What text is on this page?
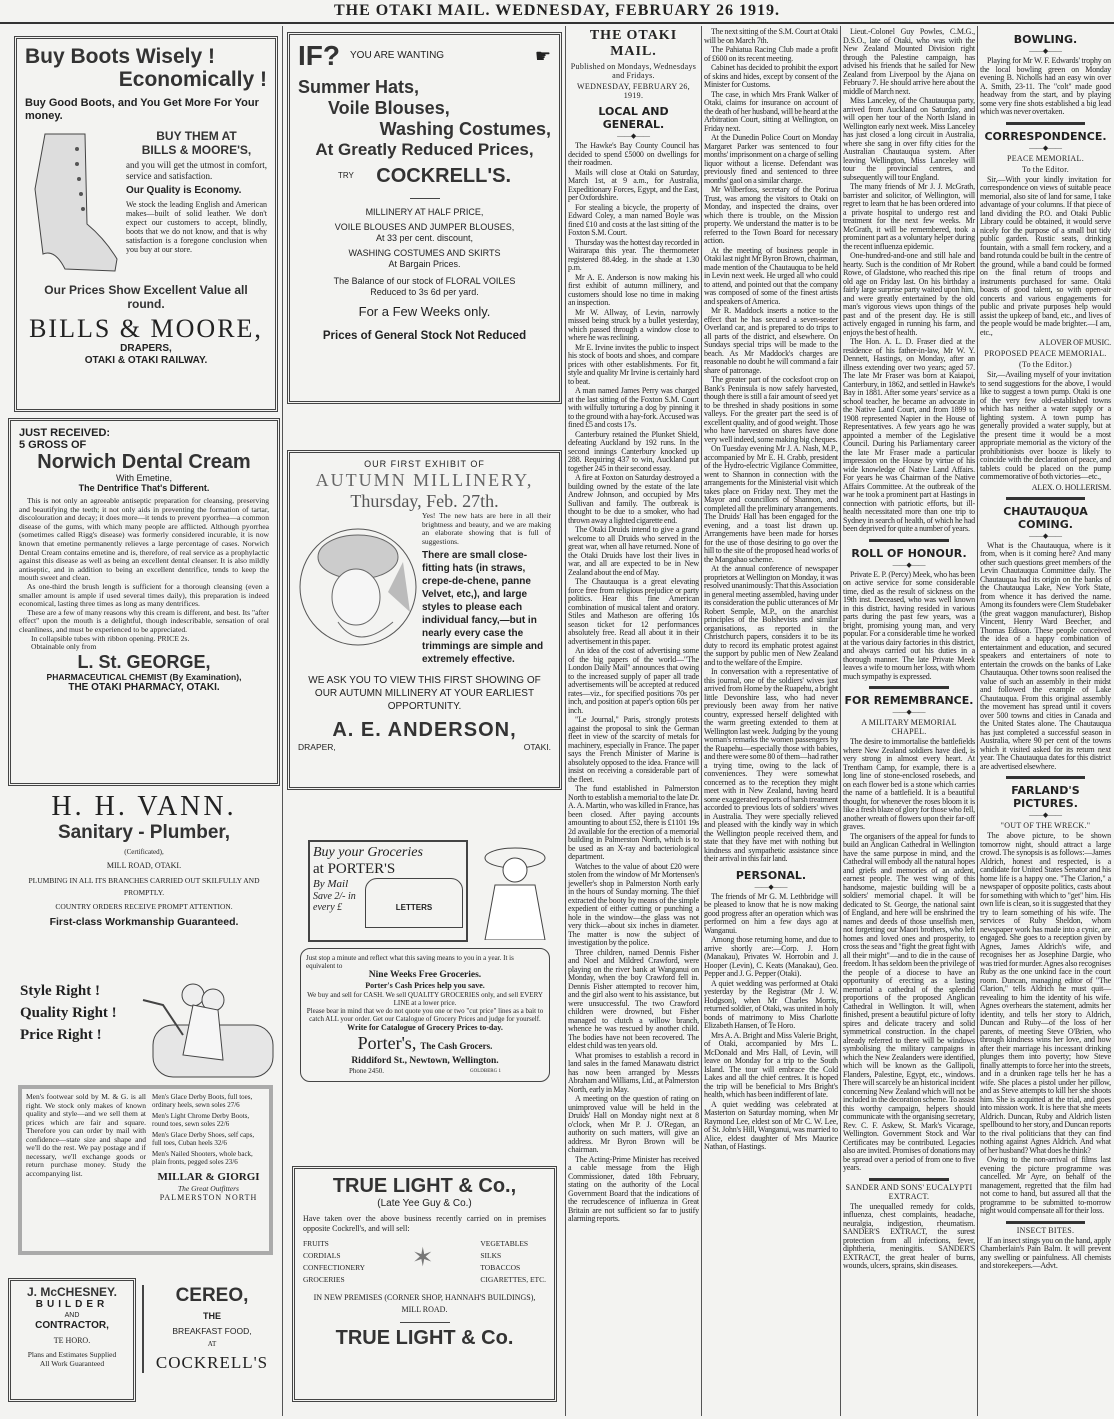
THE OTAKI MAIL. WEDNESDAY, FEBRUARY 26 1919.
Buy Boots Wisely !
Economically !
Buy Good Boots, and You Get More For Your money.
BUY THEM AT
BILLS & MOORE'S,
and you will get the utmost in comfort, service and satisfaction.
Our Quality is Economy.
We stock the leading English and American makes—built of solid leather. We don't expect our customers to accept, blindly, boots that we do not know, and that is why satisfaction is a foregone conclusion when you buy at our store.
Our Prices Show Excellent Value all round.
BILLS & MOORE,
DRAPERS,
OTAKI & OTAKI RAILWAY.
JUST RECEIVED:
5 GROSS OF
Norwich Dental Cream
With Emetine,
The Dentrifice That's Different.
This is not only an agreeable antiseptic preparation for cleansing, preserving and beautifying the teeth; it not only aids in preventing the formation of tartar, discolouration and decay; it does more—it tends to prevent pyorrhea—a common disease of the gums, with which many people are afflicted. Although pyorrhea (sometimes called Rigg's disease) was formerly considered incurable, it is now known that emetine permanently relieves a large percentage of cases. Norwich Dental Cream contains emetine and is, therefore, of real service as a prophylactic against this disease as well as being an excellent dental cleanser. It is also mildly antiseptic, and in addition to being an excellent dentrifice, tends to keep the mouth sweet and clean.
As one-third the brush length is sufficient for a thorough cleansing (even a smaller amount is ample if used several times daily), this preparation is indeed economical, lasting three times as long as many dentrifices.
These are a few of many reasons why this cream is different, and best. Its "after effect" upon the mouth is a delightful, though indescribable, sensation of oral cleanliness, and must be experienced to be appreciated.
In collapsible tubes with ribbon opening. PRICE 2s.
Obtainable only from
L. St. GEORGE,
PHARMACEUTICAL CHEMIST (By Examination),
THE OTAKI PHARMACY, OTAKI.
H. H. VANN.
Sanitary - Plumber,
(Certificated),
MILL ROAD, OTAKI.
PLUMBING IN ALL ITS BRANCHES CARRIED OUT SKILFULLY AND PROMPTLY.
COUNTRY ORDERS RECEIVE PROMPT ATTENTION.
First-class Workmanship Guaranteed.
Style Right !
Quality Right !
Price Right !
Men's footwear sold by M. & G. is all right. We stock only makes of known quality and style—and we sell them at prices which are fair and square. Therefore you can order by mail with confidence—state size and shape and we'll do the rest. We pay postage and if necessary, we'll exchange goods or return purchase money. Study the accompanying list.
Men's Glace Derby Boots, full toes, ordinary heels, sewn soles 27/6
Men's Light Chrome Derby Boots, round toes, sewn soles 22/6
Men's Glace Derby Shoes, self caps, full toes, Cuban heels 32/6
Men's Nailed Shooters, whole back, plain fronts, pegged soles 23/6
MILLAR & GIORGI
The Great Outfitters
PALMERSTON NORTH
J. McCHESNEY.
BUILDER
AND
CONTRACTOR,
TE HORO.
Plans and Estimates Supplied
All Work Guaranteed
CEREO,
THE
BREAKFAST FOOD,
AT
COCKRELL'S
IF? YOU ARE WANTING	☛
Summer Hats,
Voile Blouses,
Washing Costumes,
At Greatly Reduced Prices,
$^{TRY}$ COCKRELL'S.
MILLINERY AT HALF PRICE,
VOILE BLOUSES AND JUMPER BLOUSES,
At 33 per cent. discount,
WASHING COSTUMES AND SKIRTS
At Bargain Prices.
The Balance of our stock of FLORAL VOILES
Reduced to 3s 6d per yard.
For a Few Weeks only.
Prices of General Stock Not Reduced
OUR FIRST EXHIBIT OF
AUTUMN MILLINERY,
Thursday, Feb. 27th.
Yes! The new hats are here in all their brightness and beauty, and we are making an elaborate showing that is full of suggestions.
There are small close-fitting hats (in straws, crepe-de-chene, panne Velvet, etc,), and large styles to please each individual fancy,—but in nearly every case the trimmings are simple and extremely effective.
WE ASK YOU TO VIEW THIS FIRST SHOWING OF OUR AUTUMN MILLINERY AT YOUR EARLIEST OPPORTUNITY.
A. E. ANDERSON,
DRAPER,	OTAKI.
Buy your Groceries
at PORTER'S
By Mail
Save 2/- in every £	LETTERS
Just stop a minute and reflect what this saving means to you in a year. It is equivalent to
Nine Weeks Free Groceries.
Porter's Cash Prices help you save.
We buy and sell for CASH. We sell QUALITY GROCERIES only, and sell EVERY LINE at a lower price.
Please bear in mind that we do not quote you one or two "cut price" lines as a bait to catch ALL your order. Get our Catalogue of Grocery Prices and judge for yourself.
Write for Catalogue of Grocery Prices to-day.
Porter's, The Cash Grocers.
Riddiford St., Newtown, Wellington.
Phone 2450.	GOLDBERG 1
TRUE LIGHT & Co.,
(Late Yee Guy & Co.)
Have taken over the above business recently carried on in premises opposite Cockrell's, and will sell:
FRUITS
CORDIALS
CONFECTIONERY
GROCERIES
✶	VEGETABLES
SILKS
TOBACCOS
CIGARETTES, ETC.
IN NEW PREMISES (CORNER SHOP, HANNAH'S BUILDINGS), MILL ROAD.
TRUE LIGHT & Co.
THE OTAKI MAIL.
Published on Mondays, Wednesdays and Fridays.
WEDNESDAY, FEBRUARY 26, 1919.
LOCAL AND GENERAL.
——◆——

The Hawke's Bay County Council has decided to spend £5000 on dwellings for their roadmen.

Mails will close at Otaki on Saturday, March 1st, at 9 a.m., for Australia, Expeditionary Forces, Egypt, and the East, per Oxfordshire.

For stealing a bicycle, the property of Edward Coley, a man named Boyle was fined £10 and costs at the last sitting of the Foxton S.M. Court.

Thursday was the hottest day recorded in Wairarapa this year. The thermometer registered 88.4deg. in the shade at 1.30 p.m.

Mr A. E. Anderson is now making his first exhibit of autumn millinery, and customers should lose no time in making an inspection.

Mr W. Allway, of Levin, narrowly missed being struck by a bullet yesterday, which passed through a window close to where he was reclining.

Mr E. Irvine invites the public to inspect his stock of boots and shoes, and compare prices with other establishments. For fit, style and quality Mr Irvine is certainly hard to beat.

A man named James Perry was charged at the last sitting of the Foxton S.M. Court with wilfully torturing a dog by pinning it to the ground with a hay-fork. Accused was fined £5 and costs 17s.

Canterbury retained the Plunket Shield, defeating Auckland by 192 runs. In the second innings Canterbury knocked up 288. Requiring 437 to win, Auckland put together 245 in their second essay.

A fire at Foxton on Saturday destroyed a building owned by the estate of the late Andrew Johnson, and occupied by Mrs Sullivan and family. The outbreak is thought to be due to a smoker, who had thrown away a lighted cigarette end.

The Otaki Druids intend to give a grand welcome to all Druids who served in the great war, when all have returned. None of the Otaki Druids have lost their lives in war, and all are expected to be in New Zealand about the end of May.

The Chautauqua is a great elevating force free from religious prejudice or party politics. Hear this fine American combination of musical talent and oratory. Stiles and Matheson are offering 10s season ticket for 12 performances absolutely free. Read all about it in their advertisement in this paper.

An idea of the cost of advertising some of the big papers of the world—"The London Daily Mail" announces that owing to the increased supply of paper all trade advertisements will be accepted at reduced rates—viz., for specified positions 70s per inch, and position at paper's option 60s per inch.

"Le Journal," Paris, strongly protests against the proposal to sink the German fleet in view of the scarcity of metals for machinery, especially in France. The paper says the French Minister of Marine is absolutely opposed to the idea. France will insist on receiving a considerable part of the fleet.

The fund established in Palmerston North to establish a memorial to the late Dr. A. A. Martin, who was killed in France, has been closed. After paying accounts amounting to about £52, there is £1101 19s 2d available for the erection of a memorial building in Palmerston North, which is to be used as an X-ray and bacteriological department.

Watches to the value of about £20 were stolen from the window of Mr Mortensen's jeweller's shop in Palmerston North early in the hours of Sunday morning. The thief extracted the booty by means of the simple expedient of either cutting or punching a hole in the window—the glass was not very thick—about six inches in diameter. The matter is now the subject of investigation by the police.

Three children, named Dennis Fisher and Noel and Mildred Crawford, were playing on the river bank at Wanganui on Monday, when the boy Crawford fell in. Dennis Fisher attempted to recover him, and the girl also went to his assistance, but were unsuccessful. The two Crawford children were drowned, but Fisher managed to clutch a willow branch, whence he was rescued by another child. The bodies have not been recovered. The eldest child was ten years old.

What promises to establish a record in land sales in the famed Manawatu district has now been arranged by Messrs Abraham and Williams, Ltd., at Palmerston North, early in May.

A meeting on the question of rating on unimproved value will be held in the Druids' Hall on Monday night next at 8 o'clock, when Mr P. J. O'Regan, an authority on such matters, will give an address. Mr Byron Brown will be chairman.

The Acting-Prime Minister has received a cable message from the High Commissioner, dated 18th February, stating on the authority of the Local Government Board that the indications of the recrudescence of influenza in Great Britain are not sufficient so far to justify alarming reports.

The next sitting of the S.M. Court at Otaki will be on March 7th.

The Pahiatua Racing Club made a profit of £600 on its recent meeting.

Cabinet has decided to prohibit the export of skins and hides, except by consent of the Minister for Customs.

The case, in which Mrs Frank Walker of Otaki, claims for insurance on account of the death of her husband, will be heard at the Arbitration Court, sitting at Wellington, on Friday next.

At the Dunedin Police Court on Monday Margaret Parker was sentenced to four months' imprisonment on a charge of selling liquor without a license. Defendant was previously fined and sentenced to three months' gaol on a similar charge.

Mr Wilberfoss, secretary of the Porirua Trust, was among the visitors to Otaki on Monday, and inspected the drains, over which there is trouble, on the Mission property. We understand the matter is to be referred to the Town Board for necessary action.

At the meeting of business people in Otaki last night Mr Byron Brown, chairman, made mention of the Chautauqua to be held in Levin next week. He urged all who could to attend, and pointed out that the company was composed of some of the finest artists and speakers of America.

Mr R. Maddock inserts a notice to the effect that he has secured a seven-seater Overland car, and is prepared to do trips to all parts of the district, and elsewhere. On Sundays special trips will be made to the beach. As Mr Maddock's charges are reasonable no doubt he will command a fair share of patronage.

The greater part of the cocksfoot crop on Bank's Peninsula is now safely harvested, though there is still a fair amount of seed yet to be threshed in shady positions in some valleys. For the greater part the seed is of excellent quality, and of good weight. Those who have harvested on shares have done very well indeed, some making big cheques.

On Tuesday evening Mr J. A. Nash, M.P., accompanied by Mr E. H. Crabb, president of the Hydro-electric Vigilance Committee, went to Shannon in connection with the arrangements for the Ministerial visit which takes place on Friday next. They met the Mayor and councillors of Shannon, and completed all the preliminary arrangements. The Druids' Hall has been engaged for the evening, and a toast list drawn up. Arrangements have been made for horses for the use of those desiring to go over the hill to the site of the proposed head works of the Mangahao scheme.

At the annual conference of newspaper proprietors at Wellington on Monday, it was resolved unanimously: That this Association in general meeting assembled, having under its consideration the public utterances of Mr Robert Semple, M.P., on the anarchist principles of the Bolshevists and similar organisations, as reported in the Christchurch papers, considers it to be its duty to record its emphatic protest against the support by public men of New Zealand and to the welfare of the Empire.

In conversation with a representative of this journal, one of the soldiers' wives just arrived from Home by the Ruapehu, a bright little Devonshire lass, who had never previously been away from her native country, expressed herself delighted with the warm greeting extended to them at Wellington last week. Judging by the young woman's remarks the women passengers by the Ruapehu—especially those with babies, and there were some 80 of them—had rather a trying time, owing to the lack of conveniences. They were somewhat concerned as to the reception they might meet with in New Zealand, having heard some exaggerated reports of harsh treatment accorded to previous lots of soldiers' wives in Australia. They were specially relieved and pleased with the kindly way in which the Wellington people received them, and state that they have met with nothing but kindness and sympathetic assistance since their arrival in this fair land.

PERSONAL.
——◆——

The friends of Mr G. M. Lethbridge will be pleased to know that he is now making good progress after an operation which was performed on him a few days ago at Wanganui.

Among those returning home, and due to arrive shortly are:—Corp. J. Horn (Manakau), Privates W. Horrobin and J. Hooper (Levin), C. Keats (Manakau), Geo. Pepper and J. G. Pepper (Otaki).

A quiet wedding was performed at Otaki yesterday by the Registrar (Mr J. W. Hodgson), when Mr Charles Morris, returned soldier, of Otaki, was united in holy bonds of matrimony to Miss Charlotte Elizabeth Hansen, of Te Horo.

Mrs A. A. Bright and Miss Valerie Bright, of Otaki, accompanied by Mrs L. McDonald and Mrs Hall, of Levin, will leave on Monday for a trip to the South Island. The tour will embrace the Cold Lakes and all the chief centres. It is hoped the trip will be beneficial to Mrs Bright's health, which has been indifferent of late.

A quiet wedding was celebrated at Masterton on Saturday morning, when Mr Raymond Lee, eldest son of Mr C. W. Lee, of St. John's Hill, Wanganui, was married to Alice, eldest daughter of Mrs Maurice Nathan, of Hastings.

Lieut.-Colonel Guy Powles, C.M.G., D.S.O., late of Otaki, who was with the New Zealand Mounted Division right through the Palestine campaign, has advised his friends that he sailed for New Zealand from Liverpool by the Ajana on February 7. He should arrive here about the middle of March next.

Miss Lanceley, of the Chautauqua party, arrived from Auckland on Saturday, and will open her tour of the North Island in Wellington early next week. Miss Lanceley has just closed a long circuit in Australia, where she sang in over fifty cities for the Australian Chautauqua system. After leaving Wellington, Miss Lanceley will tour the provincial centres, and subsequently will tour England.

The many friends of Mr J. J. McGrath, barrister and solicitor, of Wellington, will regret to learn that he has been ordered into a private hospital to undergo rest and treatment for the next few weeks. Mr McGrath, it will be remembered, took a prominent part as a voluntary helper during the recent influenza epidemic.

One-hundred-and-one and still hale and hearty. Such is the condition of Mr Robert Rowe, of Gladstone, who reached this ripe old age on Friday last. On his birthday a fairly large surprise party waited upon him, and were greatly entertained by the old man's vigorous views upon things of the past and of the present day. He is still actively engaged in running his farm, and enjoys the best of health.

The Hon. A. L. D. Fraser died at the residence of his father-in-law, Mr W. Y. Dennett, Hastings, on Monday, after an illness extending over two years; aged 57. The late Mr Fraser was born at Kaiapoi, Canterbury, in 1862, and settled in Hawke's Bay in 1881. After some years' service as a school teacher, he became an advocate in the Native Land Court, and from 1899 to 1908 represented Napier in the House of Representatives. A few years ago he was appointed a member of the Legislative Council. During his Parliamentary career the late Mr Fraser made a particular impression on the House by virtue of his wide knowledge of Native Land Affairs. For years he was Chairman of the Native Affairs Committee. At the outbreak of the war he took a prominent part at Hastings in connection with patriotic efforts, but ill-health necessitated more than one trip to Sydney in search of health, of which he had been deprived for quite a number of years.

ROLL OF HONOUR.
——◆——

Private E. P. (Percy) Meek, who has been on active service for some considerable time, died as the result of sickness on the 19th inst. Deceased, who was well known in this district, having resided in various parts during the past few years, was a bright, promising young man, and very popular. For a considerable time he worked at the various dairy factories in this district, and always carried out his duties in a thorough manner. The late Private Meek leaves a wife to mourn her loss, with whom much sympathy is expressed.

FOR REMEMBRANCE.
——◆——
A MILITARY MEMORIAL CHAPEL.

The desire to immortalise the battlefields where New Zealand soldiers have died, is very strong in almost every heart. At Trentham Camp, for example, there is a long line of stone-enclosed rosebeds, and on each flower bed is a stone which carries the name of a battlefield. It is a beautiful thought, for whenever the roses bloom it is like a fresh blaze of glory for those who fell, another wreath of flowers upon their far-off graves.

The organisers of the appeal for funds to build an Anglican Cathedral in Wellington have the same purpose in mind, and the Cathedral will embody all the natural hopes and griefs and memories of an ardent, earnest people. The west wing of this handsome, majestic building will be a soldiers' memorial chapel. It will be dedicated to St. George, the national saint of England, and here will be enshrined the names and deeds of those unselfish men, not forgetting our Maori brothers, who left homes and loved ones and prosperity, to cross the seas and "fight the great fight with all their might"—and to die in the cause of freedom. It has seldom been the privilege of the people of a diocese to have an opportunity of erecting as a lasting memorial a cathedral of the splendid proportions of the proposed Anglican Cathedral in Wellington. It will, when finished, present a beautiful picture of lofty spires and delicate tracery and solid symmetrical construction. In the chapel already referred to there will be windows symbolising the military campaigns in which the New Zealanders were identified, which will be known as the Gallipoli, Flanders, Palestine, Egypt, etc., windows. There will scarcely be an historical incident concerning New Zealand which will not be included in the decoration scheme. To assist this worthy campaign, helpers should communicate with the organising secretary, Rev. C. F. Askew, St. Mark's Vicarage, Wellington. Government Stock and War Certificates may be contributed. Legacies also are invited. Promises of donations may be spread over a period of from one to five years.

SANDER AND SONS' EUCALYPTI EXTRACT.

The unequalled remedy for colds, influenza, chest complaints, headache, neuralgia, indigestion, rheumatism. SANDER'S EXTRACT, the surest protection from all infections, fever, diphtheria, meningitis. SANDER'S EXTRACT, the great healer of burns, wounds, ulcers, sprains, skin diseases.

BOWLING.
——◆——

Playing for Mr W. F. Edwards' trophy on the local bowling green on Monday evening B. Nicholls had an easy win over A. Smith, 23-11. The "colt" made good headway from the start, and by playing some very fine shots established a big lead which was never overtaken.

CORRESPONDENCE.
——◆——
PEACE MEMORIAL.
To the Editor.

Sir,—With your kindly invitation for correspondence on views of suitable peace memorial, also site of land for same, I take advantage of your columns. If that piece of land dividing the P.O. and Otaki Public Library could be obtained, it would serve nicely for the purpose of a small but tidy public garden. Rustic seats, drinking fountain, with a small fern rockery, and a band rotunda could be built in the centre of the ground, while a band could be formed on the final return of troops and instruments purchased for same. Otaki boasts of good talent, so with open-air concerts and various engagements for public and private purposes help would assist the upkeep of band, etc., and lives of the people would be made brighter.—I am, etc.,

A LOVER OF MUSIC.
PROPOSED PEACE MEMORIAL.
(To the Editor.)

Sir,—Availing myself of your invitation to send suggestions for the above, I would like to suggest a town pump. Otaki is one of the very few old-established towns which has neither a water supply or a lighting system. A town pump has generally provided a water supply, but at the present time it would be a most appropriate memorial as the victory of the prohibitionists over booze is likely to coincide with the declaration of peace, and tablets could be placed on the pump commemorative of both victories—etc.,

ALEX. O. HOLLERISM.
CHAUTAUQUA COMING.
——◆——

What is the Chautauqua, where is it from, when is it coming here? And many other such questions greet members of the Levin Chautauqua Committee daily. The Chautauqua had its origin on the banks of the Chautauqua Lake, New York State, from whence it has derived the name. Among its founders were Clem Studebaker (the great waggon manufacturer), Bishop Vincent, Henry Ward Beecher, and Thomas Edison. These people conceived the idea of a happy combination of entertainment and education, and secured speakers and entertainers of note to entertain the crowds on the banks of Lake Chautauqua. Other towns soon realised the value of such an assembly in their midst and followed the example of Lake Chautauqua. From this original assembly the movement has spread until it covers over 500 towns and cities in Canada and the United States alone. The Chautauqua has just completed a successful season in Australia, where 90 per cent of the towns which it visited asked for its return next year. The Chautauqua dates for this district are advertised elsewhere.

FARLAND'S PICTURES.
——◆——
"OUT OF THE WRECK."

The above picture, to be shown tomorrow night, should attract a large crowd. The synopsis is as follows:—James Aldrich, honest and respected, is a candidate for United States Senator and his home life is a happy one. "The Clarion," a newspaper of opposite politics, casts about for something with which to "get" him. His own life is clean, so it is suggested that they try to learn something of his wife. The services of Ruby Sheldon, whom newspaper work has made into a cynic, are engaged. She goes to a reception given by Agnes, James Aldrich's wife, and recognises her as Josephine Dargie, who was tried for murder. Agnes also recognises Ruby as the one unkind face in the court room. Duncan, managing editor of "The Clarion," tells Aldrich he must quit—revealing to him the identity of his wife. Agnes overhears the statement, admits her identity, and tells her story to Aldrich, Duncan and Ruby—of the loss of her parents, of meeting Steve O'Brien, who through kindness wins her love, and how after their marriage his incessant drinking plunges them into poverty; how Steve finally attempts to force her into the streets, and in a drunken rage tells her he has a wife. She places a pistol under her pillow, and as Steve attempts to kill her she shoots him. She is acquitted at the trial, and goes into mission work. It is here that she meets Aldrich. Duncan, Ruby and Aldrich listen spellbound to her story, and Duncan reports to the rival politicians that they can find nothing against Agnes Aldrich. And what of her husband? What does he think?

Owing to the non-arrival of films last evening the picture programme was cancelled. Mr Ayre, on behalf of the management, regretted that the film had not come to hand, but assured all that the programme to be submitted to-morrow night would compensate all for their loss.

INSECT BITES.

If an insect stings you on the hand, apply Chamberlain's Pain Balm. It will prevent any swelling or painfulness. All chemists and storekeepers.—Advt.
